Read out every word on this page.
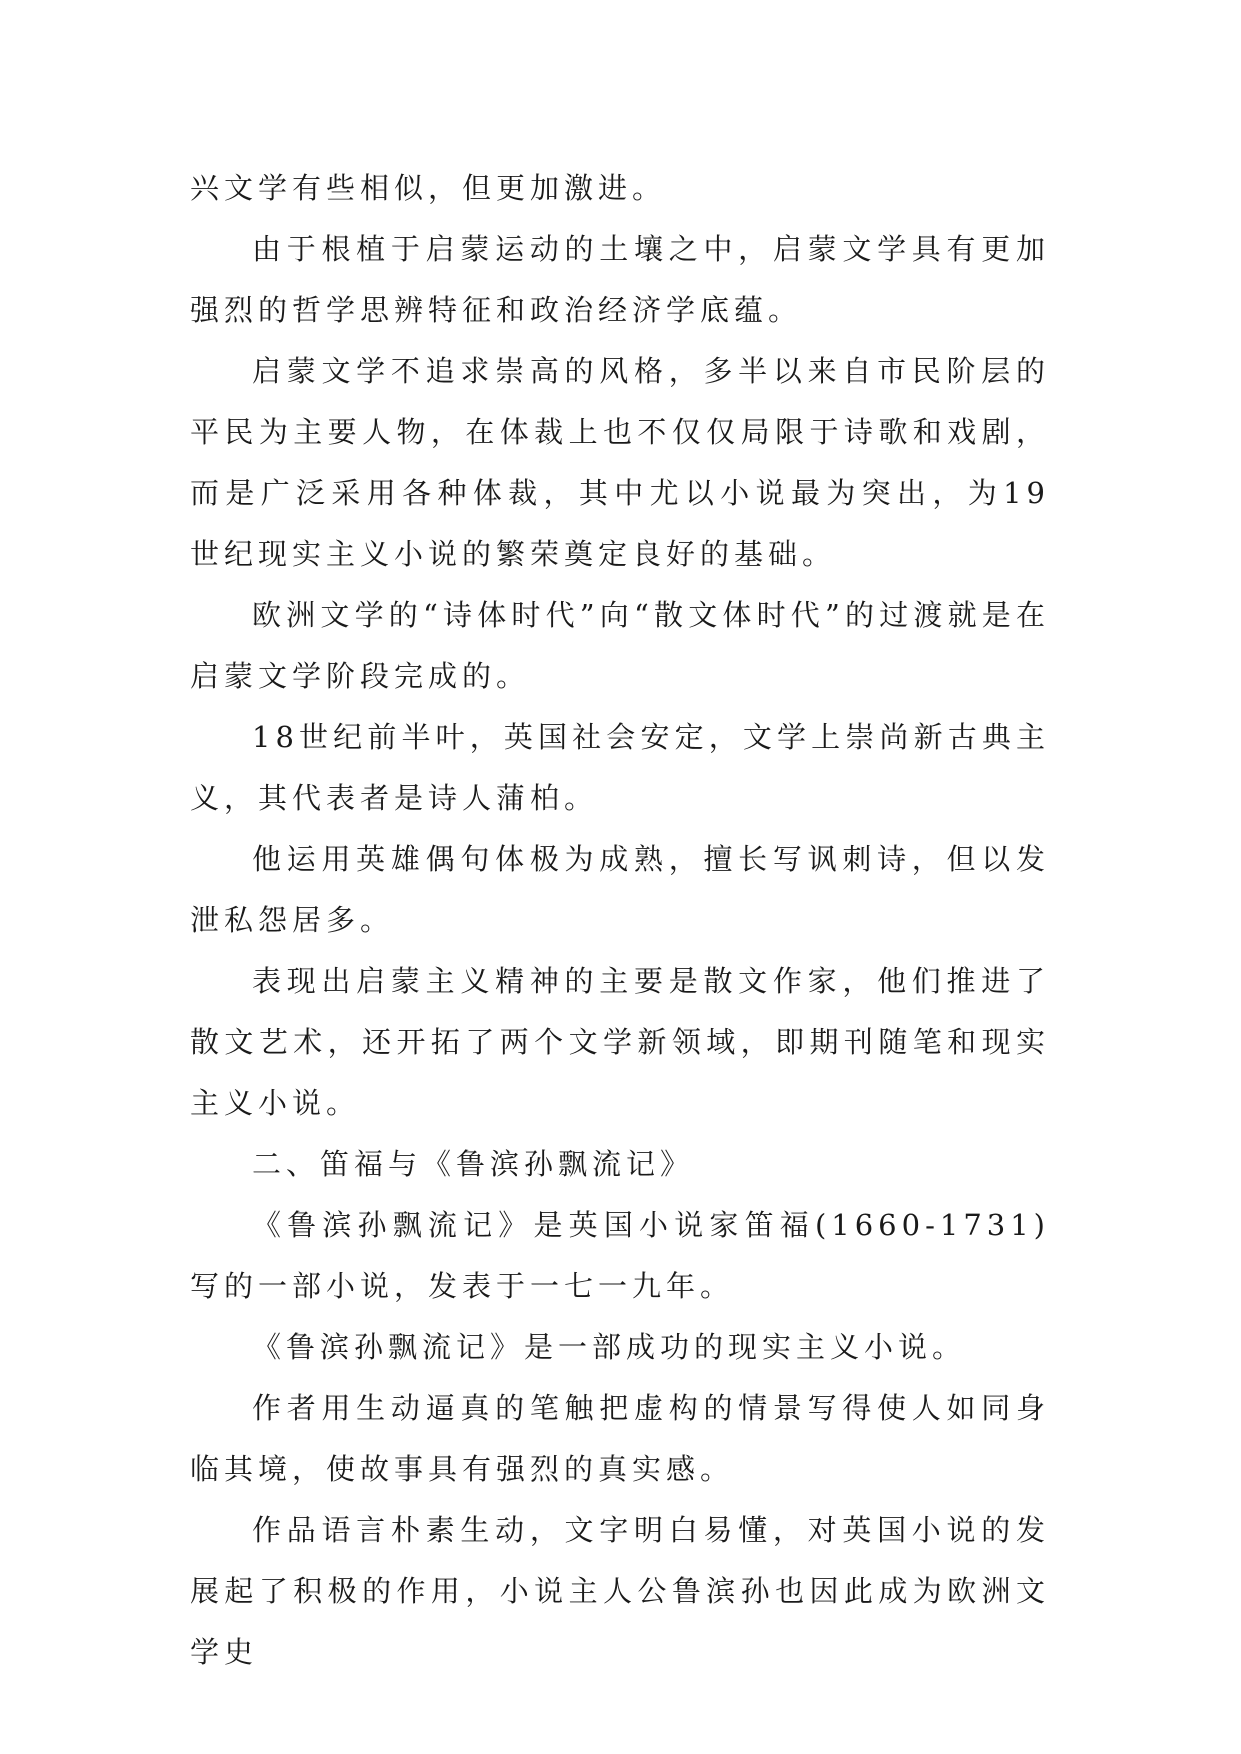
兴文学有些相似，但更加激进。

由于根植于启蒙运动的土壤之中，启蒙文学具有更加强烈的哲学思辨特征和政治经济学底蕴。

启蒙文学不追求崇高的风格，多半以来自市民阶层的平民为主要人物，在体裁上也不仅仅局限于诗歌和戏剧，而是广泛采用各种体裁，其中尤以小说最为突出，为19世纪现实主义小说的繁荣奠定良好的基础。

欧洲文学的“诗体时代”向“散文体时代”的过渡就是在启蒙文学阶段完成的。

18世纪前半叶，英国社会安定，文学上崇尚新古典主义，其代表者是诗人蒲柏。

他运用英雄偶句体极为成熟，擅长写讽刺诗，但以发泄私怨居多。

表现出启蒙主义精神的主要是散文作家，他们推进了散文艺术，还开拓了两个文学新领域，即期刊随笔和现实主义小说。

二、笛福与《鲁滨孙飘流记》

《鲁滨孙飘流记》是英国小说家笛福(1660-1731)写的一部小说，发表于一七一九年。

《鲁滨孙飘流记》是一部成功的现实主义小说。

作者用生动逼真的笔触把虚构的情景写得使人如同身临其境，使故事具有强烈的真实感。

作品语言朴素生动，文字明白易懂，对英国小说的发展起了积极的作用，小说主人公鲁滨孙也因此成为欧洲文学史
